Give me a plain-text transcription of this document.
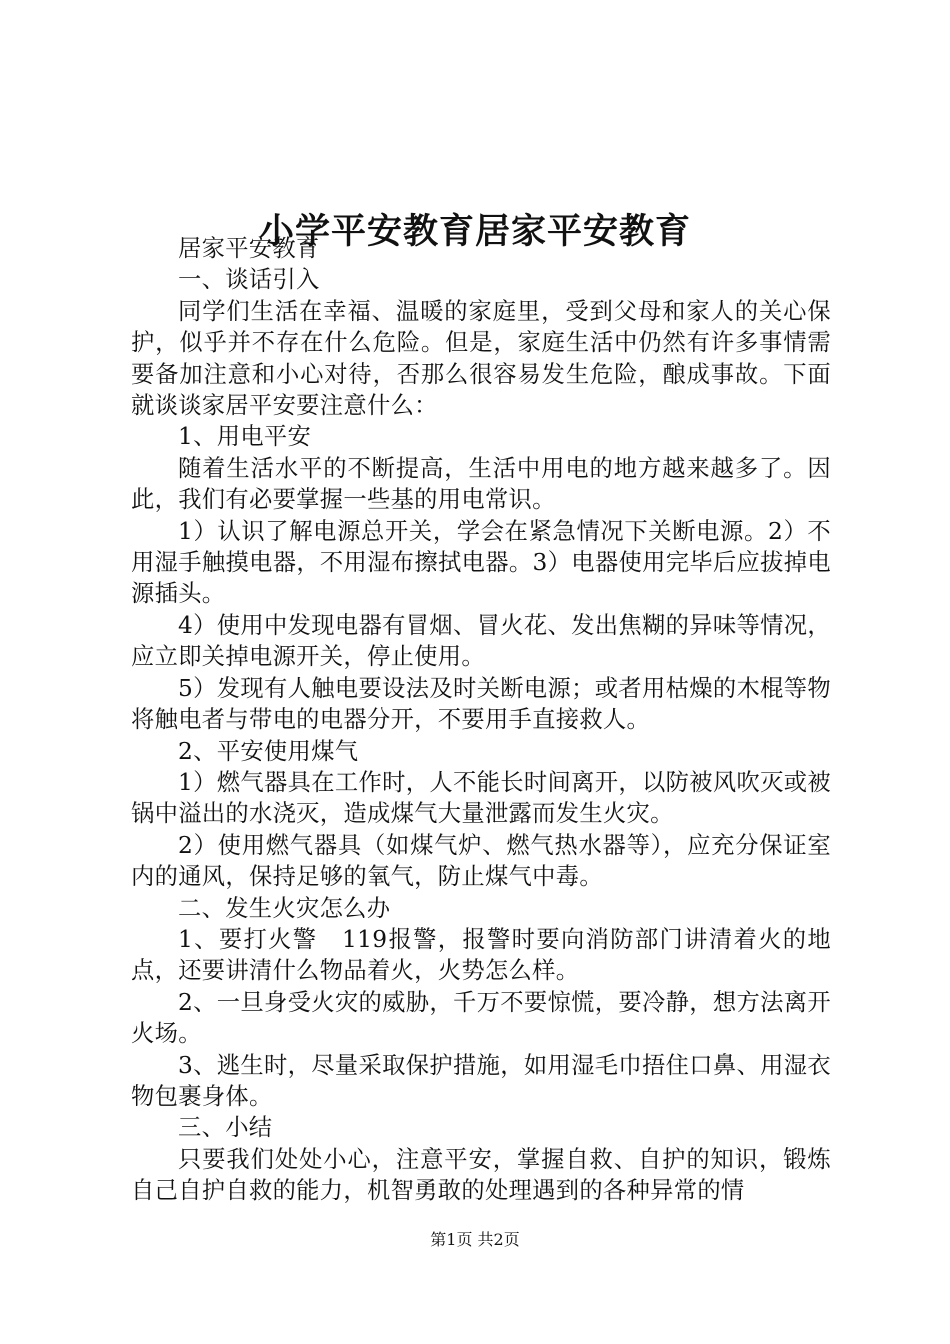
小学平安教育居家平安教育

居家平安教育

一、谈话引入

同学们生活在幸福、温暖的家庭里，受到父母和家人的关心保护，似乎并不存在什么危险。但是，家庭生活中仍然有许多事情需要备加注意和小心对待，否那么很容易发生危险，酿成事故。下面就谈谈家居平安要注意什么：

1、用电平安

随着生活水平的不断提高，生活中用电的地方越来越多了。因此，我们有必要掌握一些基的用电常识。

1）认识了解电源总开关，学会在紧急情况下关断电源。2）不用湿手触摸电器，不用湿布擦拭电器。3）电器使用完毕后应拔掉电源插头。

4）使用中发现电器有冒烟、冒火花、发出焦糊的异味等情况，应立即关掉电源开关，停止使用。

5）发现有人触电要设法及时关断电源；或者用枯燥的木棍等物将触电者与带电的电器分开，不要用手直接救人。

2、平安使用煤气

1）燃气器具在工作时，人不能长时间离开，以防被风吹灭或被锅中溢出的水浇灭，造成煤气大量泄露而发生火灾。

2）使用燃气器具（如煤气炉、燃气热水器等），应充分保证室内的通风，保持足够的氧气，防止煤气中毒。

二、发生火灾怎么办

1、要打火警　119报警，报警时要向消防部门讲清着火的地点，还要讲清什么物品着火，火势怎么样。

2、一旦身受火灾的威胁，千万不要惊慌，要冷静，想方法离开火场。

3、逃生时，尽量采取保护措施，如用湿毛巾捂住口鼻、用湿衣物包裹身体。

三、小结

只要我们处处小心，注意平安，掌握自救、自护的知识，锻炼自己自护自救的能力，机智勇敢的处理遇到的各种异常的情

第1页 共2页
